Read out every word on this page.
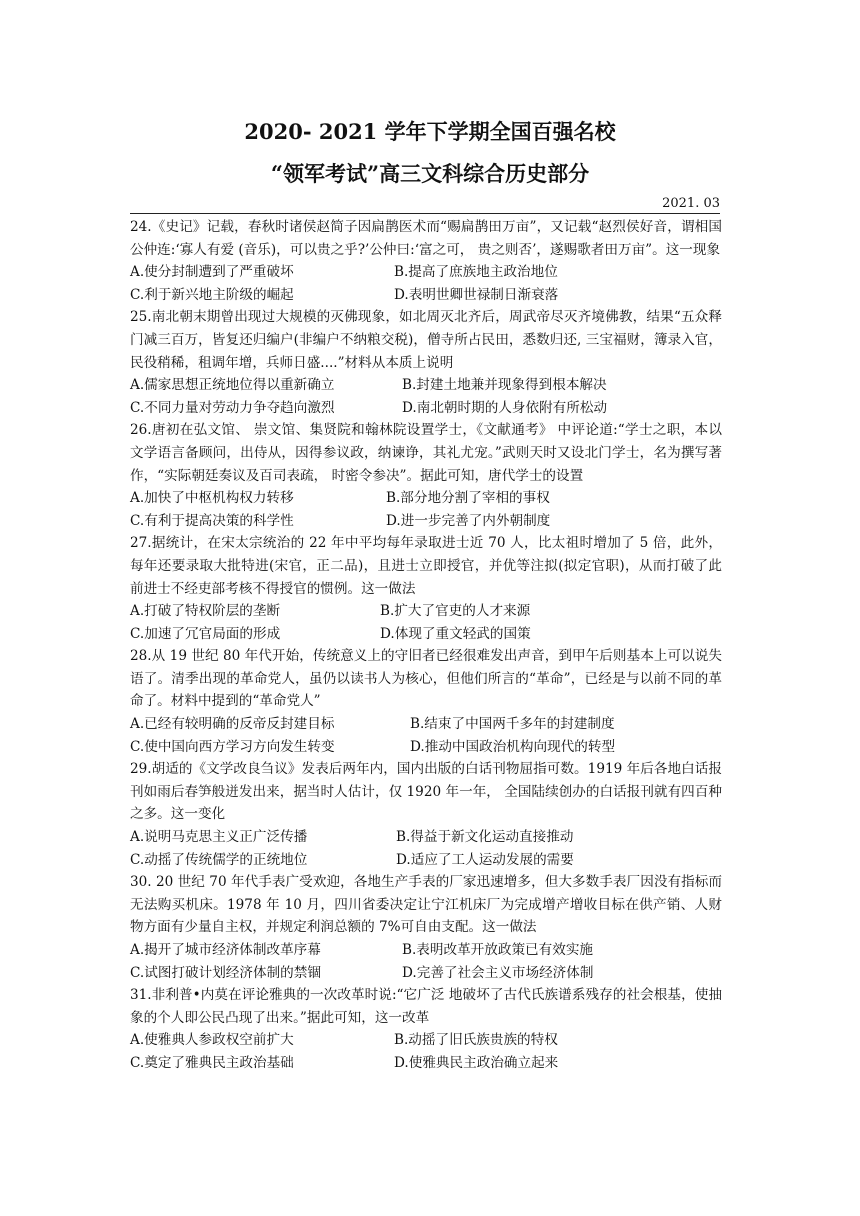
2020- 2021 学年下学期全国百强名校
“领军考试”高三文科综合历史部分
2021. 03
24.《史记》记载，春秋时诸侯赵简子因扁鹊医术而“赐扁鹊田万亩”，又记载“赵烈侯好音，谓相国公仲连:‘寡人有爱 (音乐)，可以贵之乎?’公仲曰:‘富之可， 贵之则否’，遂赐歌者田万亩”。这一现象
A.使分封制遭到了严重破坏	B.提高了庶族地主政治地位
C.利于新兴地主阶级的崛起	D.表明世卿世禄制日渐衰落
25.南北朝末期曾出现过大规模的灭佛现象，如北周灭北齐后，周武帝尽灭齐境佛教，结果“五众释门减三百万，皆复还归编户(非编户不纳粮交税)，僧寺所占民田，悉数归还, 三宝福财，簿录入官，民役稍稀，租调年增，兵师日盛....”材料从本质上说明
A.儒家思想正统地位得以重新确立	B.封建土地兼并现象得到根本解决
C.不同力量对劳动力争夺趋向激烈	D.南北朝时期的人身依附有所松动
26.唐初在弘文馆、 崇文馆、集贤院和翰林院设置学士，《文献通考》 中评论道:“学士之职，本以文学语言备顾问，出侍从，因得参议政，纳谏诤，其礼尤宠。”武则天时又设北门学士，名为撰写著作，“实际朝廷奏议及百司表疏， 时密令参决”。据此可知，唐代学士的设置
A.加快了中枢机构权力转移	B.部分地分割了宰相的事权
C.有利于提高决策的科学性	D.进一步完善了内外朝制度
27.据统计，在宋太宗统治的 22 年中平均每年录取进士近 70 人，比太祖时增加了 5 倍，此外，每年还要录取大批特进(宋官，正二品)，且进士立即授官，并优等注拟(拟定官职)，从而打破了此前进士不经吏部考核不得授官的惯例。这一做法
A.打破了特权阶层的垄断	B.扩大了官吏的人才来源
C.加速了冗官局面的形成	D.体现了重文轻武的国策
28.从 19 世纪 80 年代开始，传统意义上的守旧者已经很难发出声音，到甲午后则基本上可以说失语了。清季出现的革命党人，虽仍以读书人为核心，但他们所言的“革命”，已经是与以前不同的革命了。材料中提到的“革命党人”
A.已经有较明确的反帝反封建目标	B.结束了中国两千多年的封建制度
C.使中国向西方学习方向发生转变	D.推动中国政治机构向现代的转型
29.胡适的《文学改良刍议》发表后两年内，国内出版的白话刊物屈指可数。1919 年后各地白话报刊如雨后春笋般迸发出来，据当时人估计，仅 1920 年一年， 全国陆续创办的白话报刊就有四百种之多。这一变化
A.说明马克思主义正广泛传播	B.得益于新文化运动直接推动
C.动摇了传统儒学的正统地位	D.适应了工人运动发展的需要
30. 20 世纪 70 年代手表广受欢迎，各地生产手表的厂家迅速增多，但大多数手表厂因没有指标而无法购买机床。1978 年 10 月，四川省委决定让宁江机床厂为完成增产增收目标在供产销、人财物方面有少量自主权，并规定利润总额的 7%可自由支配。这一做法
A.揭开了城市经济体制改革序幕	B.表明改革开放政策已有效实施
C.试图打破计划经济体制的禁锢	D.完善了社会主义市场经济体制
31.非利普•内莫在评论雅典的一次改革时说:“它广泛 地破坏了古代氏族谱系残存的社会根基，使抽象的个人即公民凸现了出来。”据此可知，这一改革
A.使雅典人参政权空前扩大	B.动摇了旧氏族贵族的特权
C.奠定了雅典民主政治基础	D.使雅典民主政治确立起来
